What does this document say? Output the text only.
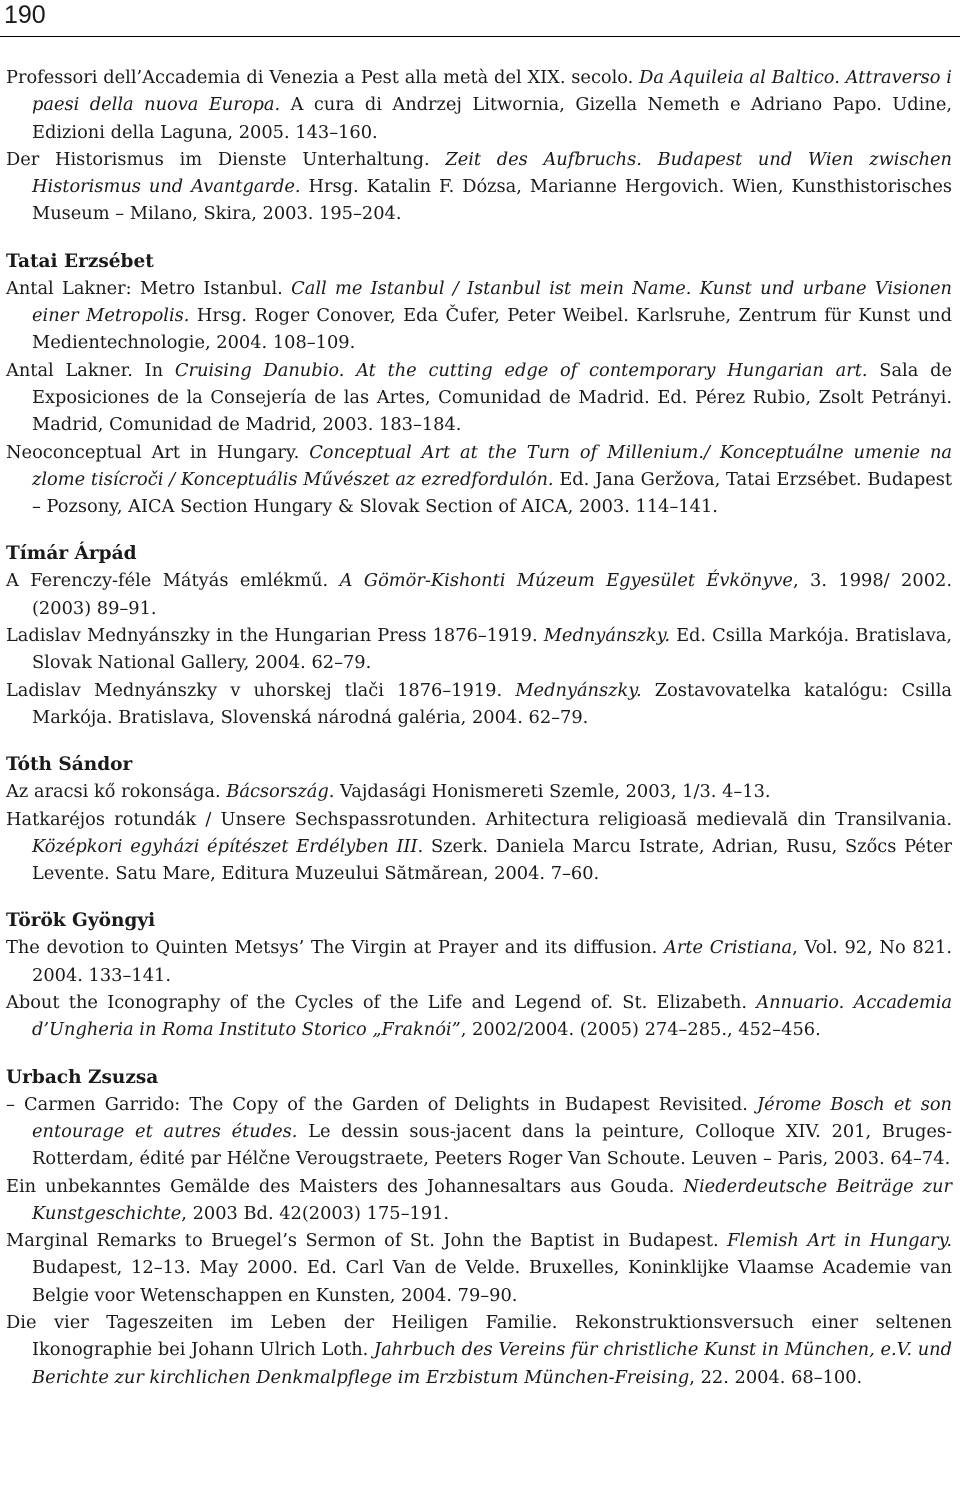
190
Professori dell’Accademia di Venezia a Pest alla metà del XIX. secolo. Da Aquileia al Baltico. Attraverso i paesi della nuova Europa. A cura di Andrzej Litwornia, Gizella Nemeth e Adriano Papo. Udine, Edizioni della Laguna, 2005. 143–160.
Der Historismus im Dienste Unterhaltung. Zeit des Aufbruchs. Budapest und Wien zwischen Historismus und Avantgarde. Hrsg. Katalin F. Dózsa, Marianne Hergovich. Wien, Kunsthistorisches Museum – Milano, Skira, 2003. 195–204.
Tatai Erzsébet
Antal Lakner: Metro Istanbul. Call me Istanbul / Istanbul ist mein Name. Kunst und urbane Visionen einer Metropolis. Hrsg. Roger Conover, Eda Čufer, Peter Weibel. Karlsruhe, Zentrum für Kunst und Medientechnologie, 2004. 108–109.
Antal Lakner. In Cruising Danubio. At the cutting edge of contemporary Hungarian art. Sala de Exposiciones de la Consejería de las Artes, Comunidad de Madrid. Ed. Pérez Rubio, Zsolt Petrányi. Madrid, Comunidad de Madrid, 2003. 183–184.
Neoconceptual Art in Hungary. Conceptual Art at the Turn of Millenium./ Konceptuálne umenie na zlome tisícroči / Konceptuális Művészet az ezredfordulón. Ed. Jana Geržova, Tatai Erzsébet. Budapest – Pozsony, AICA Section Hungary & Slovak Section of AICA, 2003. 114–141.
Tímár Árpád
A Ferenczy-féle Mátyás emlékmű. A Gömör-Kishonti Múzeum Egyesület Évkönyve, 3. 1998/ 2002. (2003) 89–91.
Ladislav Mednyánszky in the Hungarian Press 1876–1919. Mednyánszky. Ed. Csilla Markója. Bratislava, Slovak National Gallery, 2004. 62–79.
Ladislav Mednyánszky v uhorskej tlači 1876–1919. Mednyánszky. Zostavovatelka katalógu: Csilla Markója. Bratislava, Slovenská národná galéria, 2004. 62–79.
Tóth Sándor
Az aracsi kő rokonsága. Bácsország. Vajdasági Honismereti Szemle, 2003, 1/3. 4–13.
Hatkaréjos rotundák / Unsere Sechspassrotunden. Arhitectura religioasă medievală din Transilvania. Középkori egyházi építészet Erdélyben III. Szerk. Daniela Marcu Istrate, Adrian, Rusu, Szőcs Péter Levente. Satu Mare, Editura Muzeului Sătmărean, 2004. 7–60.
Török Gyöngyi
The devotion to Quinten Metsys’ The Virgin at Prayer and its diffusion. Arte Cristiana, Vol. 92, No 821. 2004. 133–141.
About the Iconography of the Cycles of the Life and Legend of. St. Elizabeth. Annuario. Accademia d’Ungheria in Roma Instituto Storico „Fraknói”, 2002/2004. (2005) 274–285., 452–456.
Urbach Zsuzsa
– Carmen Garrido: The Copy of the Garden of Delights in Budapest Revisited. Jérome Bosch et son entourage et autres études. Le dessin sous-jacent dans la peinture, Colloque XIV. 201, Bruges-Rotterdam, édité par Hélčne Verougstraete, Peeters Roger Van Schoute. Leuven – Paris, 2003. 64–74.
Ein unbekanntes Gemälde des Maisters des Johannesaltars aus Gouda. Niederdeutsche Beiträge zur Kunstgeschichte, 2003 Bd. 42(2003) 175–191.
Marginal Remarks to Bruegel’s Sermon of St. John the Baptist in Budapest. Flemish Art in Hungary. Budapest, 12–13. May 2000. Ed. Carl Van de Velde. Bruxelles, Koninklijke Vlaamse Academie van Belgie voor Wetenschappen en Kunsten, 2004. 79–90.
Die vier Tageszeiten im Leben der Heiligen Familie. Rekonstruktionsversuch einer seltenen Ikonographie bei Johann Ulrich Loth. Jahrbuch des Vereins für christliche Kunst in München, e.V. und Berichte zur kirchlichen Denkmalpflege im Erzbistum München-Freising, 22. 2004. 68–100.
